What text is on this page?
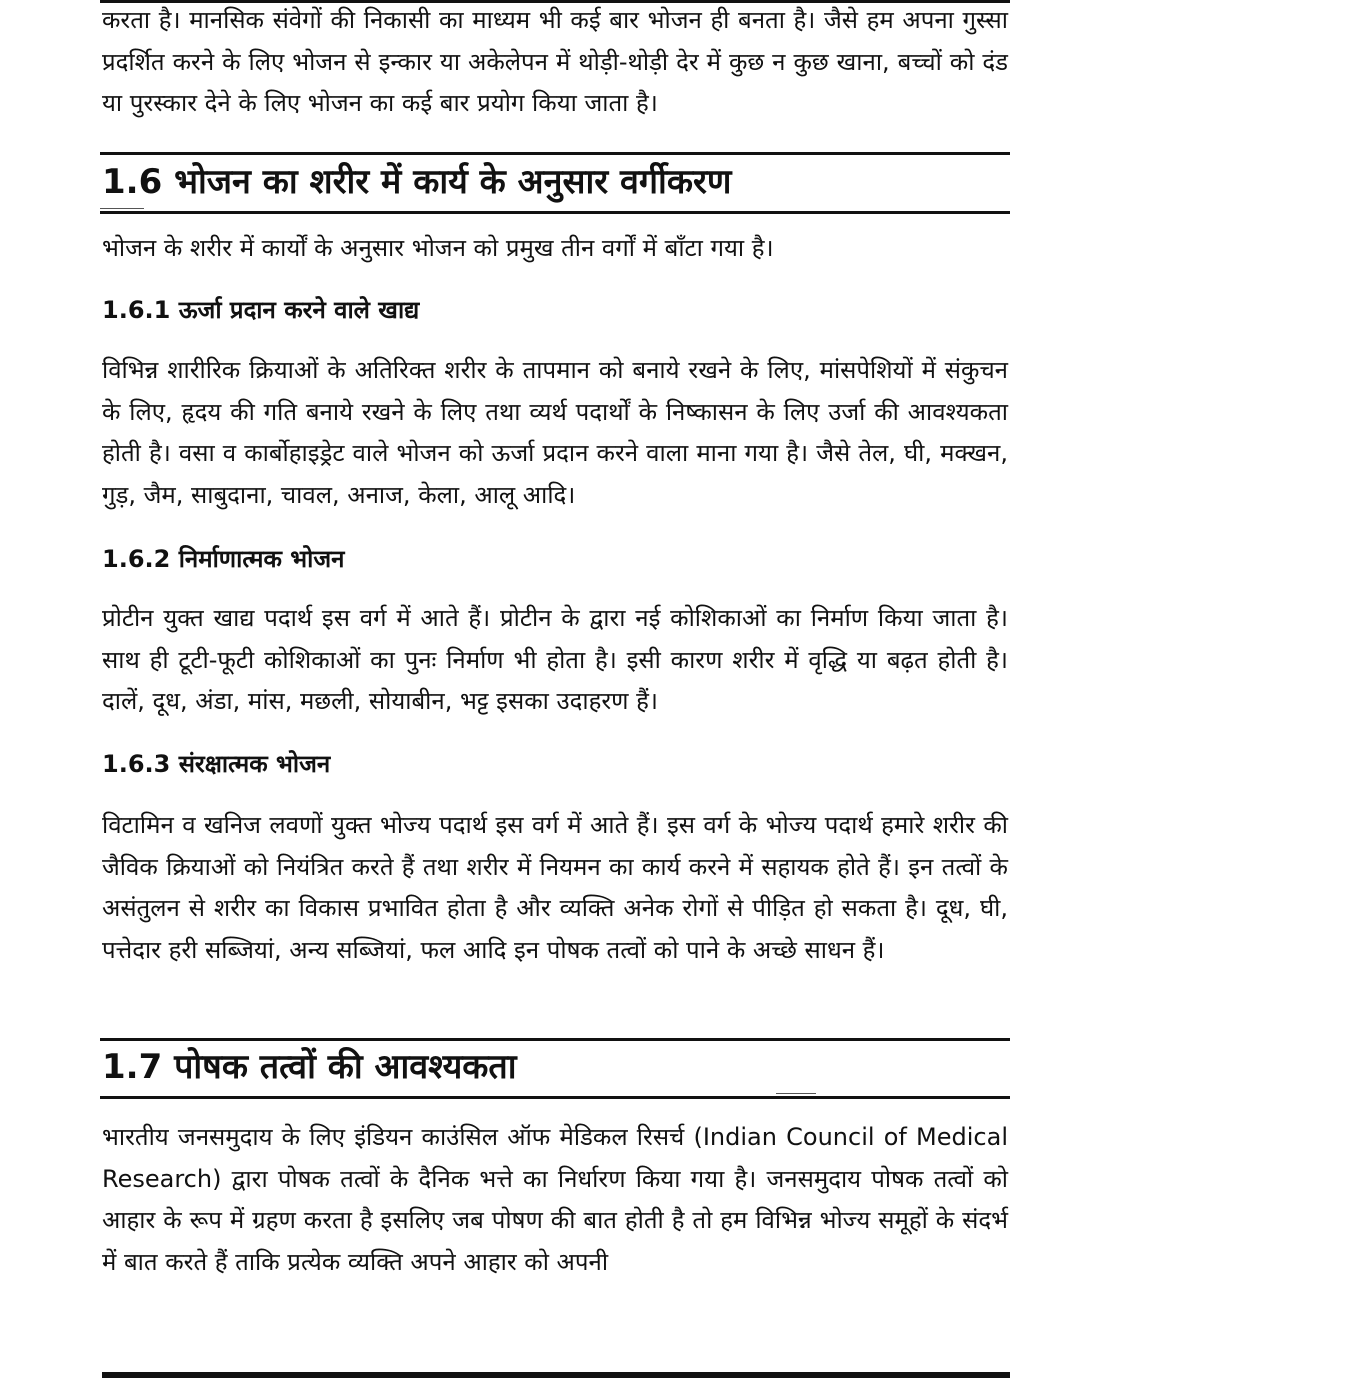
करता है। मानसिक संवेगों की निकासी का माध्यम भी कई बार भोजन ही बनता है। जैसे हम अपना गुस्सा प्रदर्शित करने के लिए भोजन से इन्कार या अकेलेपन में थोड़ी-थोड़ी देर में कुछ न कुछ खाना, बच्चों को दंड या पुरस्कार देने के लिए भोजन का कई बार प्रयोग किया जाता है।

1.6 भोजन का शरीर में कार्य के अनुसार वर्गीकरण

भोजन के शरीर में कार्यों के अनुसार भोजन को प्रमुख तीन वर्गों में बाँटा गया है।

1.6.1 ऊर्जा प्रदान करने वाले खाद्य

विभिन्न शारीरिक क्रियाओं के अतिरिक्त शरीर के तापमान को बनाये रखने के लिए, मांसपेशियों में संकुचन के लिए, हृदय की गति बनाये रखने के लिए तथा व्यर्थ पदार्थों के निष्कासन के लिए उर्जा की आवश्यकता होती है। वसा व कार्बोहाइड्रेट वाले भोजन को ऊर्जा प्रदान करने वाला माना गया है। जैसे तेल, घी, मक्खन, गुड़, जैम, साबुदाना, चावल, अनाज, केला, आलू आदि।

1.6.2 निर्माणात्मक भोजन

प्रोटीन युक्त खाद्य पदार्थ इस वर्ग में आते हैं। प्रोटीन के द्वारा नई कोशिकाओं का निर्माण किया जाता है। साथ ही टूटी-फूटी कोशिकाओं का पुनः निर्माण भी होता है। इसी कारण शरीर में वृद्धि या बढ़त होती है। दालें, दूध, अंडा, मांस, मछली, सोयाबीन, भट्ट इसका उदाहरण हैं।

1.6.3 संरक्षात्मक भोजन

विटामिन व खनिज लवणों युक्त भोज्य पदार्थ इस वर्ग में आते हैं। इस वर्ग के भोज्य पदार्थ हमारे शरीर की जैविक क्रियाओं को नियंत्रित करते हैं तथा शरीर में नियमन का कार्य करने में सहायक होते हैं। इन तत्वों के असंतुलन से शरीर का विकास प्रभावित होता है और व्यक्ति अनेक रोगों से पीड़ित हो सकता है। दूध, घी, पत्तेदार हरी सब्जियां, अन्य सब्जियां, फल आदि इन पोषक तत्वों को पाने के अच्छे साधन हैं।

1.7 पोषक तत्वों की आवश्यकता

भारतीय जनसमुदाय के लिए इंडियन काउंसिल ऑफ मेडिकल रिसर्च (Indian Council of Medical Research) द्वारा पोषक तत्वों के दैनिक भत्ते का निर्धारण किया गया है। जनसमुदाय पोषक तत्वों को आहार के रूप में ग्रहण करता है इसलिए जब पोषण की बात होती है तो हम विभिन्न भोज्य समूहों के संदर्भ में बात करते हैं ताकि प्रत्येक व्यक्ति अपने आहार को अपनी
